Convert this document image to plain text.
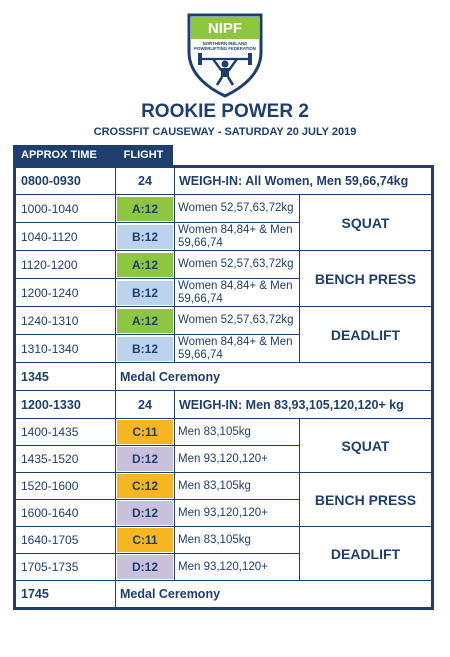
NIPF
NORTHERN IRELAND
POWERLIFTING FEDERATION
ROOKIE POWER 2
CROSSFIT CAUSEWAY - SATURDAY 20 JULY 2019
APPROX TIME	FLIGHT
0800-0930	24	WEIGH-IN: All Women, Men 59,66,74kg	
1000-1040	A:12	Women 52,57,63,72kg	SQUAT
1040-1120	B:12	Women 84,84+ & Men 59,66,74	
1120-1200	A:12	Women 52,57,63,72kg	BENCH PRESS
1200-1240	B:12	Women 84,84+ & Men 59,66,74	
1240-1310	A:12	Women 52,57,63,72kg	DEADLIFT
1310-1340	B:12	Women 84,84+ & Men 59,66,74	
1345	Medal Ceremony		
1200-1330	24	WEIGH-IN: Men 83,93,105,120,120+ kg	
1400-1435	C:11	Men 83,105kg	SQUAT
1435-1520	D:12	Men 93,120,120+	
1520-1600	C:12	Men 83,105kg	BENCH PRESS
1600-1640	D:12	Men 93,120,120+	
1640-1705	C:11	Men 83,105kg	DEADLIFT
1705-1735	D:12	Men 93,120,120+	
1745	Medal Ceremony		
